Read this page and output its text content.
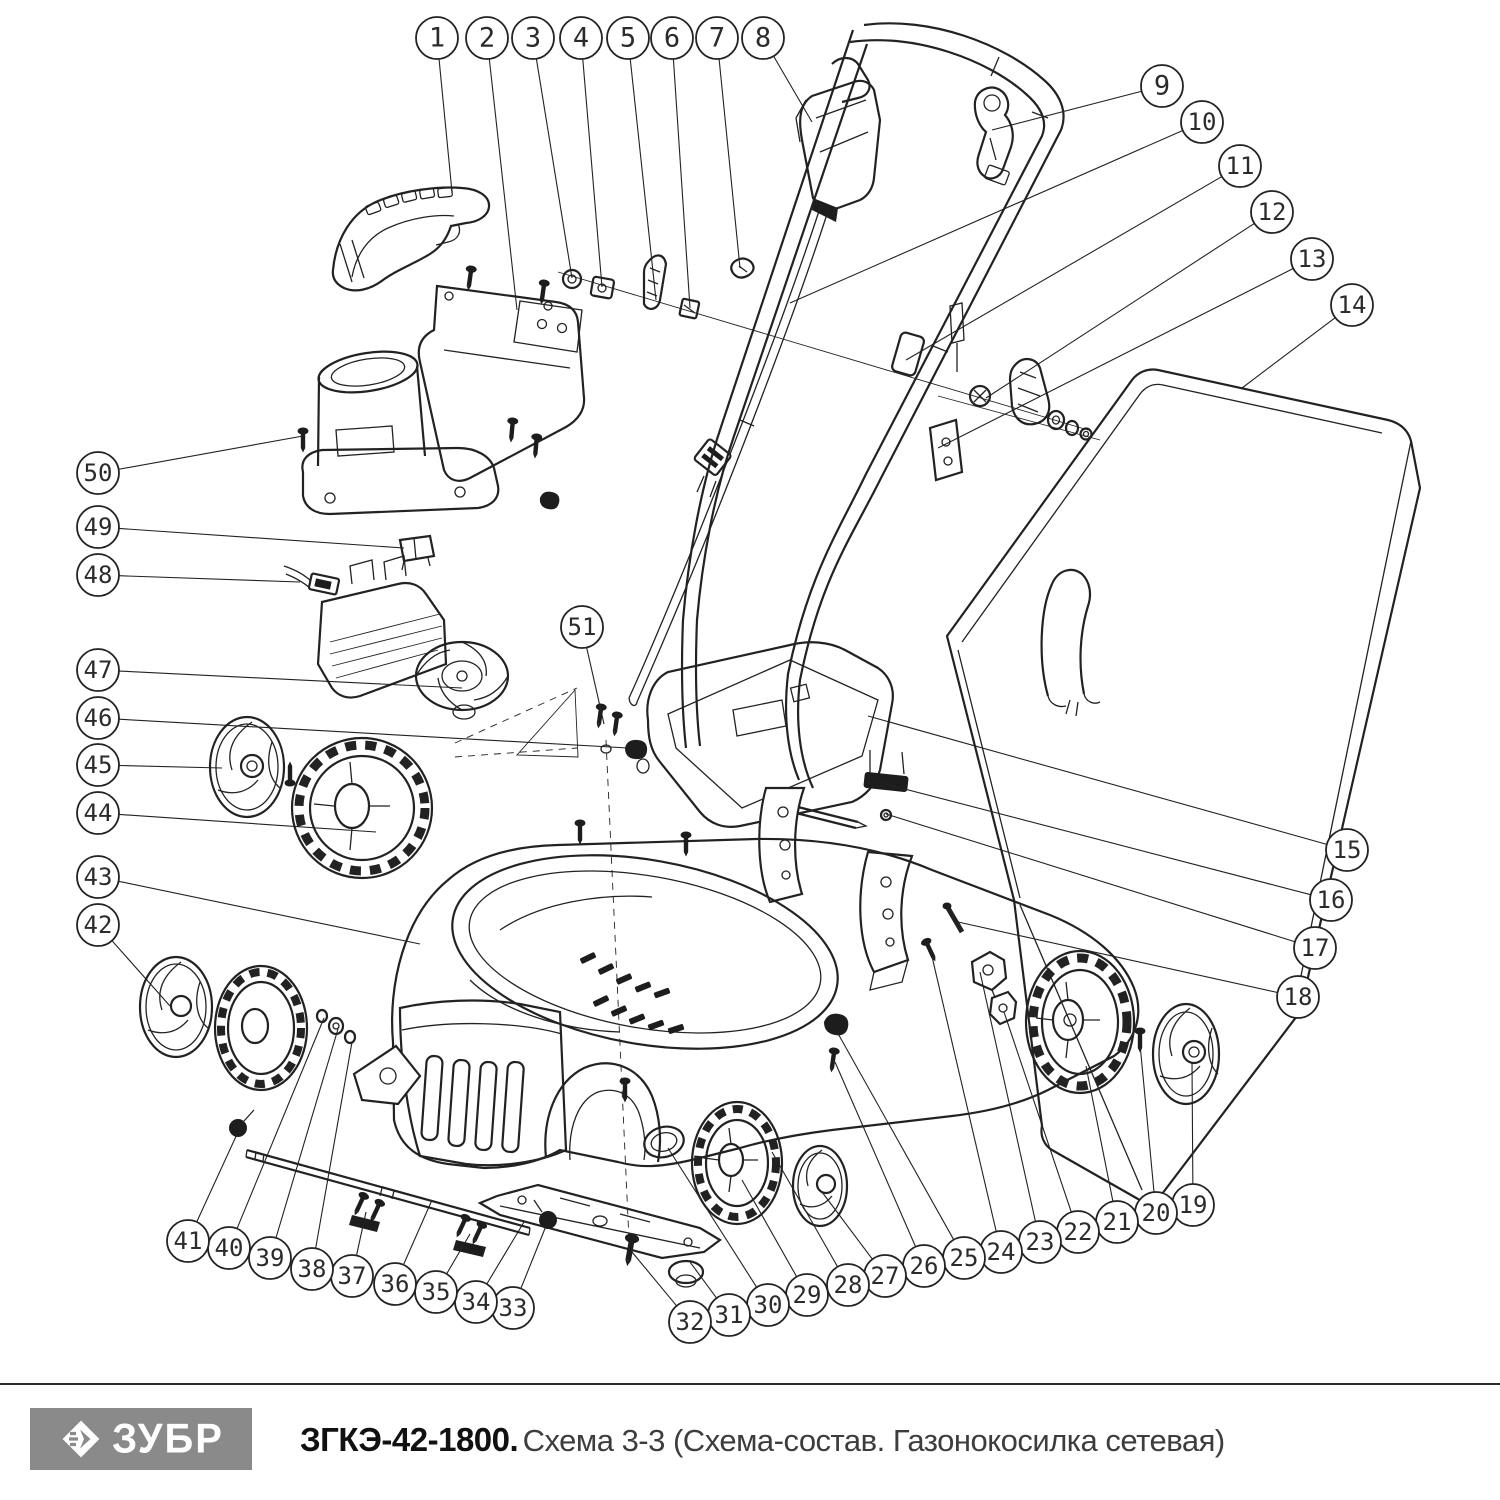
1 2 3 4 5 6 7 8
9
10
11
12
13
14
15
16
17
18
19
20
21
22
23
24
25
26
27
28
29
30
31
32
33
34
35
36
37
38
39
40
41
42
43
44
45
46
47
48
49
50
51
ЗУБР ЗГКЭ-42-1800. Схема 3-3 (Схема-состав. Газонокосилка сетевая)
